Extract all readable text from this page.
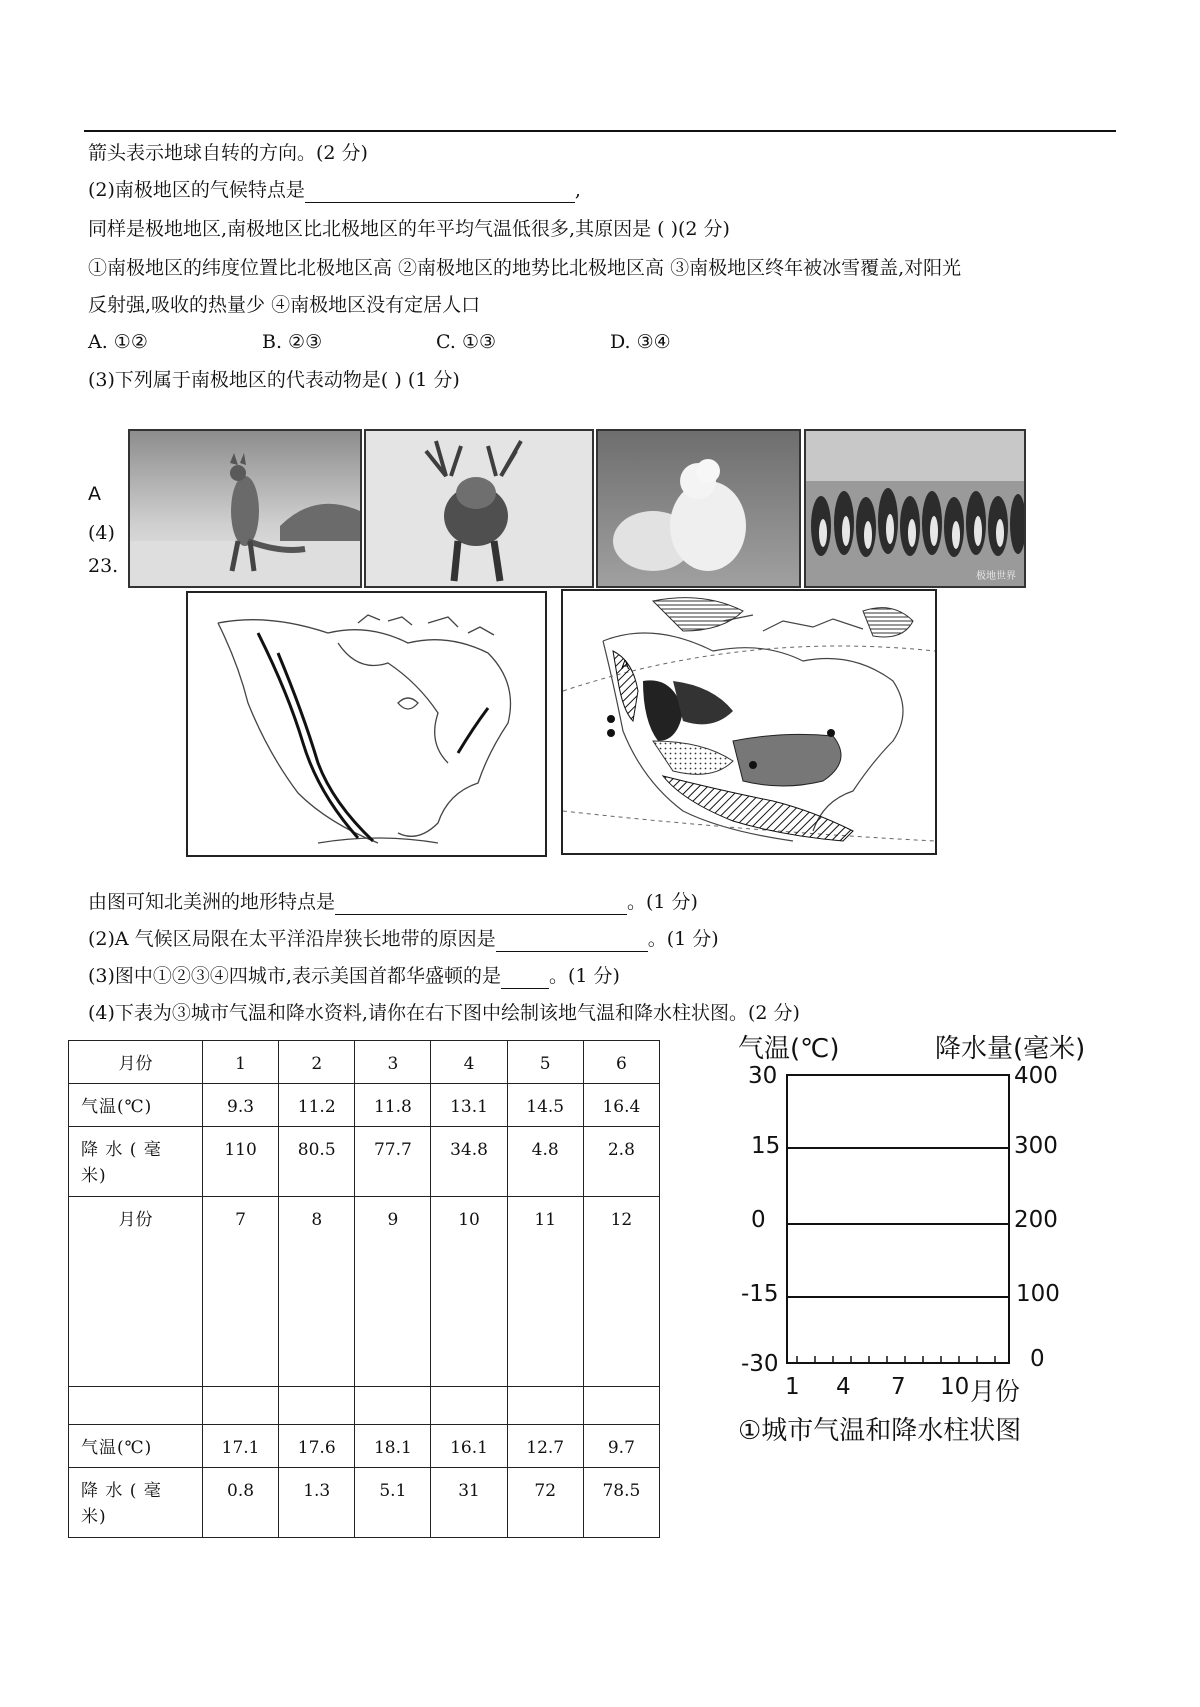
箭头表示地球自转的方向。(2 分)
(2)南极地区的气候特点是	,
同样是极地地区,南极地区比北极地区的年平均气温低很多,其原因是 ( )(2 分)
①南极地区的纬度位置比北极地区高 ②南极地区的地势比北极地区高 ③南极地区终年被冰雪覆盖,对阳光
反射强,吸收的热量少 ④南极地区没有定居人口
A. ①②	B. ②③	C. ①③	D. ③④
(3)下列属于南极地区的代表动物是( ) (1 分)
A
(4)
23.	极地世界
A
由图可知北美洲的地形特点是	。(1 分)
(2)A 气候区局限在太平洋沿岸狭长地带的原因是	。(1 分)
(3)图中①②③④四城市,表示美国首都华盛顿的是	。(1 分)
(4)下表为③城市气温和降水资料,请你在右下图中绘制该地气温和降水柱状图。(2 分)
月份	1	2	3	4	5	6
气温(℃)	9.3	11.2	11.8	13.1	14.5	16.4
降 水 ( 毫
米)	110	80.5	77.7	34.8	4.8	2.8
月份	7	8	9	10	11	12

气温(℃)	17.1	17.6	18.1	16.1	12.7	9.7
降 水 ( 毫
米)	0.8	1.3	5.1	31	72	78.5
气温(℃)	降水量(毫米)
30
15
0
-15
-30
400
300
200
100
0
1 4 7 10 月份
①城市气温和降水柱状图
